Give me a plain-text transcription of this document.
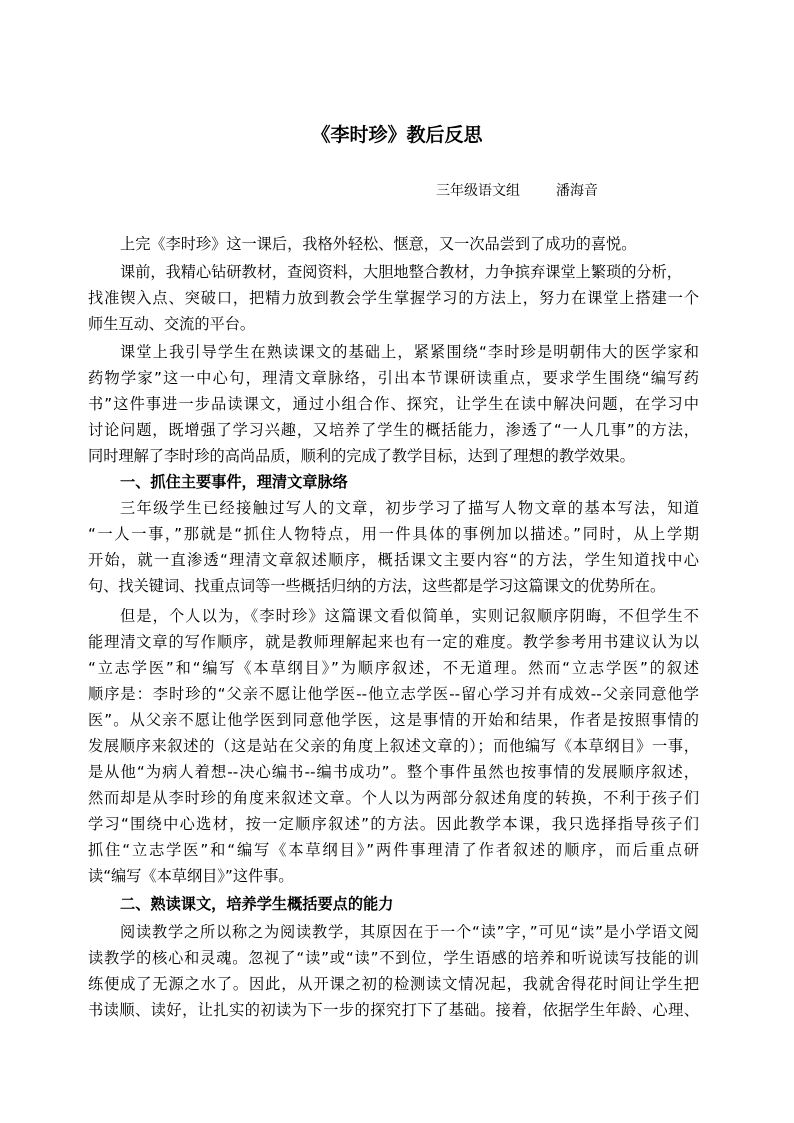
《李时珍》教后反思
三年级语文组	潘海音
上完《李时珍》这一课后，我格外轻松、惬意，又一次品尝到了成功的喜悦。
课前，我精心钻研教材，查阅资料，大胆地整合教材，力争摈弃课堂上繁琐的分析，
找准锲入点、突破口，把精力放到教会学生掌握学习的方法上，努力在课堂上搭建一个
师生互动、交流的平台。
课堂上我引导学生在熟读课文的基础上，紧紧围绕“李时珍是明朝伟大的医学家和
药物学家”这一中心句，理清文章脉络，引出本节课研读重点，要求学生围绕“编写药
书”这件事进一步品读课文，通过小组合作、探究，让学生在读中解决问题，在学习中
讨论问题，既增强了学习兴趣，又培养了学生的概括能力，渗透了“一人几事”的方法，
同时理解了李时珍的高尚品质，顺利的完成了教学目标，达到了理想的教学效果。
一、抓住主要事件，理清文章脉络
三年级学生已经接触过写人的文章，初步学习了描写人物文章的基本写法，知道
“一人一事，”那就是“抓住人物特点，用一件具体的事例加以描述。”同时，从上学期
开始，就一直渗透“理清文章叙述顺序，概括课文主要内容“的方法，学生知道找中心
句、找关键词、找重点词等一些概括归纳的方法，这些都是学习这篇课文的优势所在。
但是，个人以为，《李时珍》这篇课文看似简单，实则记叙顺序阴晦，不但学生不
能理清文章的写作顺序，就是教师理解起来也有一定的难度。教学参考用书建议认为以
“立志学医”和“编写《本草纲目》”为顺序叙述，不无道理。然而“立志学医”的叙述
顺序是：李时珍的“父亲不愿让他学医--他立志学医--留心学习并有成效--父亲同意他学
医”。从父亲不愿让他学医到同意他学医，这是事情的开始和结果，作者是按照事情的
发展顺序来叙述的（这是站在父亲的角度上叙述文章的）；而他编写《本草纲目》一事，
是从他“为病人着想--决心编书--编书成功”。整个事件虽然也按事情的发展顺序叙述，
然而却是从李时珍的角度来叙述文章。个人以为两部分叙述角度的转换，不利于孩子们
学习“围绕中心选材，按一定顺序叙述”的方法。因此教学本课，我只选择指导孩子们
抓住“立志学医”和“编写《本草纲目》”两件事理清了作者叙述的顺序，而后重点研
读“编写《本草纲目》”这件事。
二、熟读课文，培养学生概括要点的能力
阅读教学之所以称之为阅读教学，其原因在于一个“读”字，”可见“读”是小学语文阅
读教学的核心和灵魂。忽视了“读”或“读”不到位，学生语感的培养和听说读写技能的训
练便成了无源之水了。因此，从开课之初的检测读文情况起，我就舍得花时间让学生把
书读顺、读好，让扎实的初读为下一步的探究打下了基础。接着，依据学生年龄、心理、
